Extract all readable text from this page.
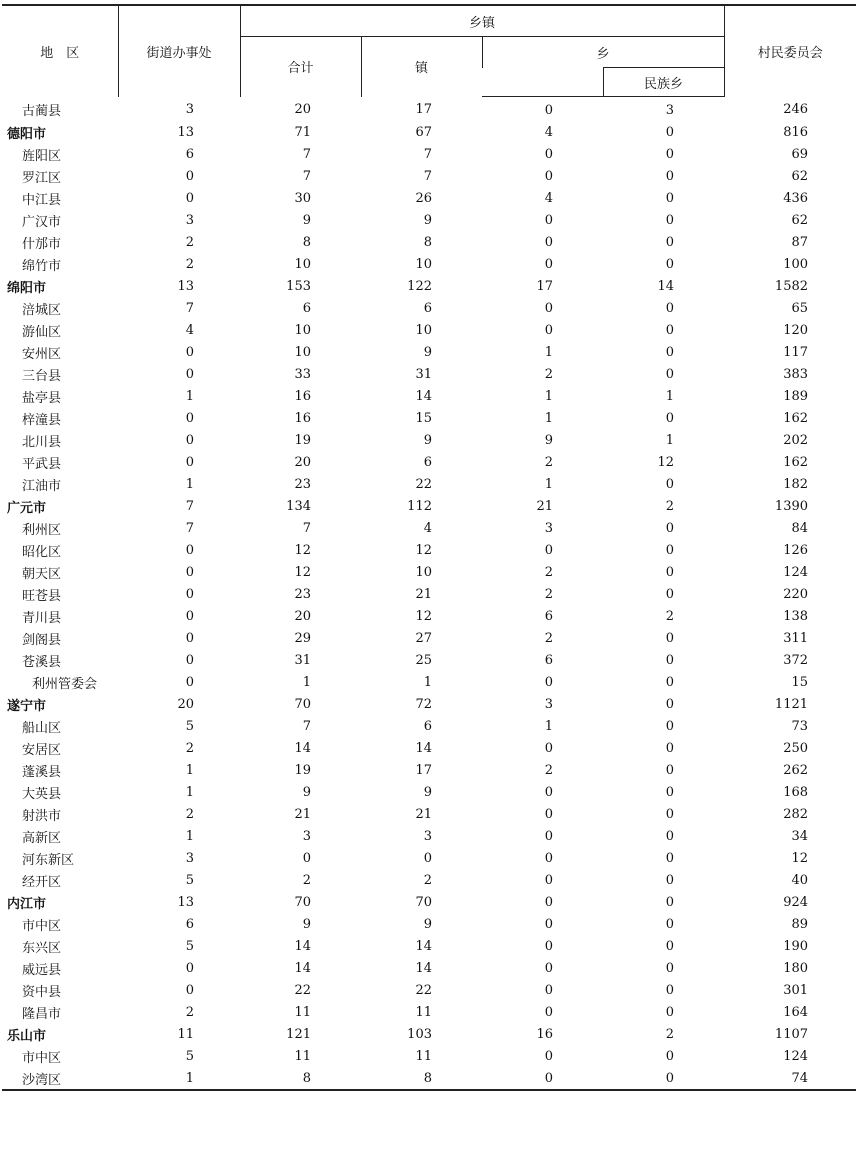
地　区	街道办事处	乡镇				村民委员会
		合计	镇	乡		
					民族乡	
古蔺县	3	20	17	0	3	246
德阳市	13	71	67	4	0	816
旌阳区	6	7	7	0	0	69
罗江区	0	7	7	0	0	62
中江县	0	30	26	4	0	436
广汉市	3	9	9	0	0	62
什邡市	2	8	8	0	0	87
绵竹市	2	10	10	0	0	100
绵阳市	13	153	122	17	14	1582
涪城区	7	6	6	0	0	65
游仙区	4	10	10	0	0	120
安州区	0	10	9	1	0	117
三台县	0	33	31	2	0	383
盐亭县	1	16	14	1	1	189
梓潼县	0	16	15	1	0	162
北川县	0	19	9	9	1	202
平武县	0	20	6	2	12	162
江油市	1	23	22	1	0	182
广元市	7	134	112	21	2	1390
利州区	7	7	4	3	0	84
昭化区	0	12	12	0	0	126
朝天区	0	12	10	2	0	124
旺苍县	0	23	21	2	0	220
青川县	0	20	12	6	2	138
剑阁县	0	29	27	2	0	311
苍溪县	0	31	25	6	0	372
利州管委会	0	1	1	0	0	15
遂宁市	20	70	72	3	0	1121
船山区	5	7	6	1	0	73
安居区	2	14	14	0	0	250
蓬溪县	1	19	17	2	0	262
大英县	1	9	9	0	0	168
射洪市	2	21	21	0	0	282
高新区	1	3	3	0	0	34
河东新区	3	0	0	0	0	12
经开区	5	2	2	0	0	40
内江市	13	70	70	0	0	924
市中区	6	9	9	0	0	89
东兴区	5	14	14	0	0	190
威远县	0	14	14	0	0	180
资中县	0	22	22	0	0	301
隆昌市	2	11	11	0	0	164
乐山市	11	121	103	16	2	1107
市中区	5	11	11	0	0	124
沙湾区	1	8	8	0	0	74
